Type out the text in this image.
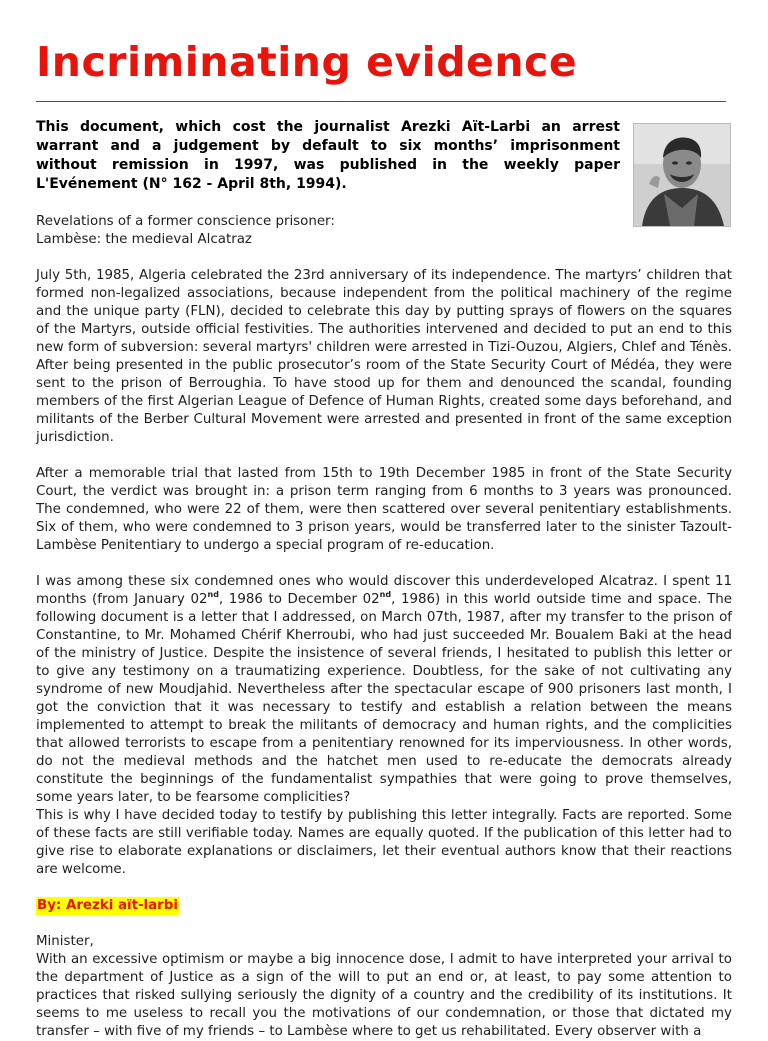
Incriminating evidence
This document, which cost the journalist Arezki Aït-Larbi an arrest warrant and a judgement by default to six months’ imprisonment without remission in 1997, was published in the weekly paper L'Evénement (N° 162 - April 8th, 1994).

Revelations of a former conscience prisoner:
Lambèse: the medieval Alcatraz

July 5th, 1985, Algeria celebrated the 23rd anniversary of its independence. The martyrs’ children that formed non-legalized associations, because independent from the political machinery of the regime and the unique party (FLN), decided to celebrate this day by putting sprays of flowers on the squares of the Martyrs, outside official festivities. The authorities intervened and decided to put an end to this new form of subversion: several martyrs' children were arrested in Tizi-Ouzou, Algiers, Chlef and Ténès. After being presented in the public prosecutor’s room of the State Security Court of Médéa, they were sent to the prison of Berroughia. To have stood up for them and denounced the scandal, founding members of the first Algerian League of Defence of Human Rights, created some days beforehand, and militants of the Berber Cultural Movement were arrested and presented in front of the same exception jurisdiction.

After a memorable trial that lasted from 15th to 19th December 1985 in front of the State Security Court, the verdict was brought in: a prison term ranging from 6 months to 3 years was pronounced. The condemned, who were 22 of them, were then scattered over several penitentiary establishments. Six of them, who were condemned to 3 prison years, would be transferred later to the sinister Tazoult-Lambèse Penitentiary to undergo a special program of re-education.

I was among these six condemned ones who would discover this underdeveloped Alcatraz. I spent 11 months (from January 02nd, 1986 to December 02nd, 1986) in this world outside time and space. The following document is a letter that I addressed, on March 07th, 1987, after my transfer to the prison of Constantine, to Mr. Mohamed Chérif Kherroubi, who had just succeeded Mr. Boualem Baki at the head of the ministry of Justice. Despite the insistence of several friends, I hesitated to publish this letter or to give any testimony on a traumatizing experience. Doubtless, for the sake of not cultivating any syndrome of new Moudjahid. Nevertheless after the spectacular escape of 900 prisoners last month, I got the conviction that it was necessary to testify and establish a relation between the means implemented to attempt to break the militants of democracy and human rights, and the complicities that allowed terrorists to escape from a penitentiary renowned for its imperviousness. In other words, do not the medieval methods and the hatchet men used to re-educate the democrats already constitute the beginnings of the fundamentalist sympathies that were going to prove themselves, some years later, to be fearsome complicities?

This is why I have decided today to testify by publishing this letter integrally. Facts are reported. Some of these facts are still verifiable today. Names are equally quoted. If the publication of this letter had to give rise to elaborate explanations or disclaimers, let their eventual authors know that their reactions are welcome.

By: Arezki aït-larbi

Minister,

With an excessive optimism or maybe a big innocence dose, I admit to have interpreted your arrival to the department of Justice as a sign of the will to put an end or, at least, to pay some attention to practices that risked sullying seriously the dignity of a country and the credibility of its institutions. It seems to me useless to recall you the motivations of our condemnation, or those that dictated my transfer – with five of my friends – to Lambèse where to get us rehabilitated. Every observer with a
